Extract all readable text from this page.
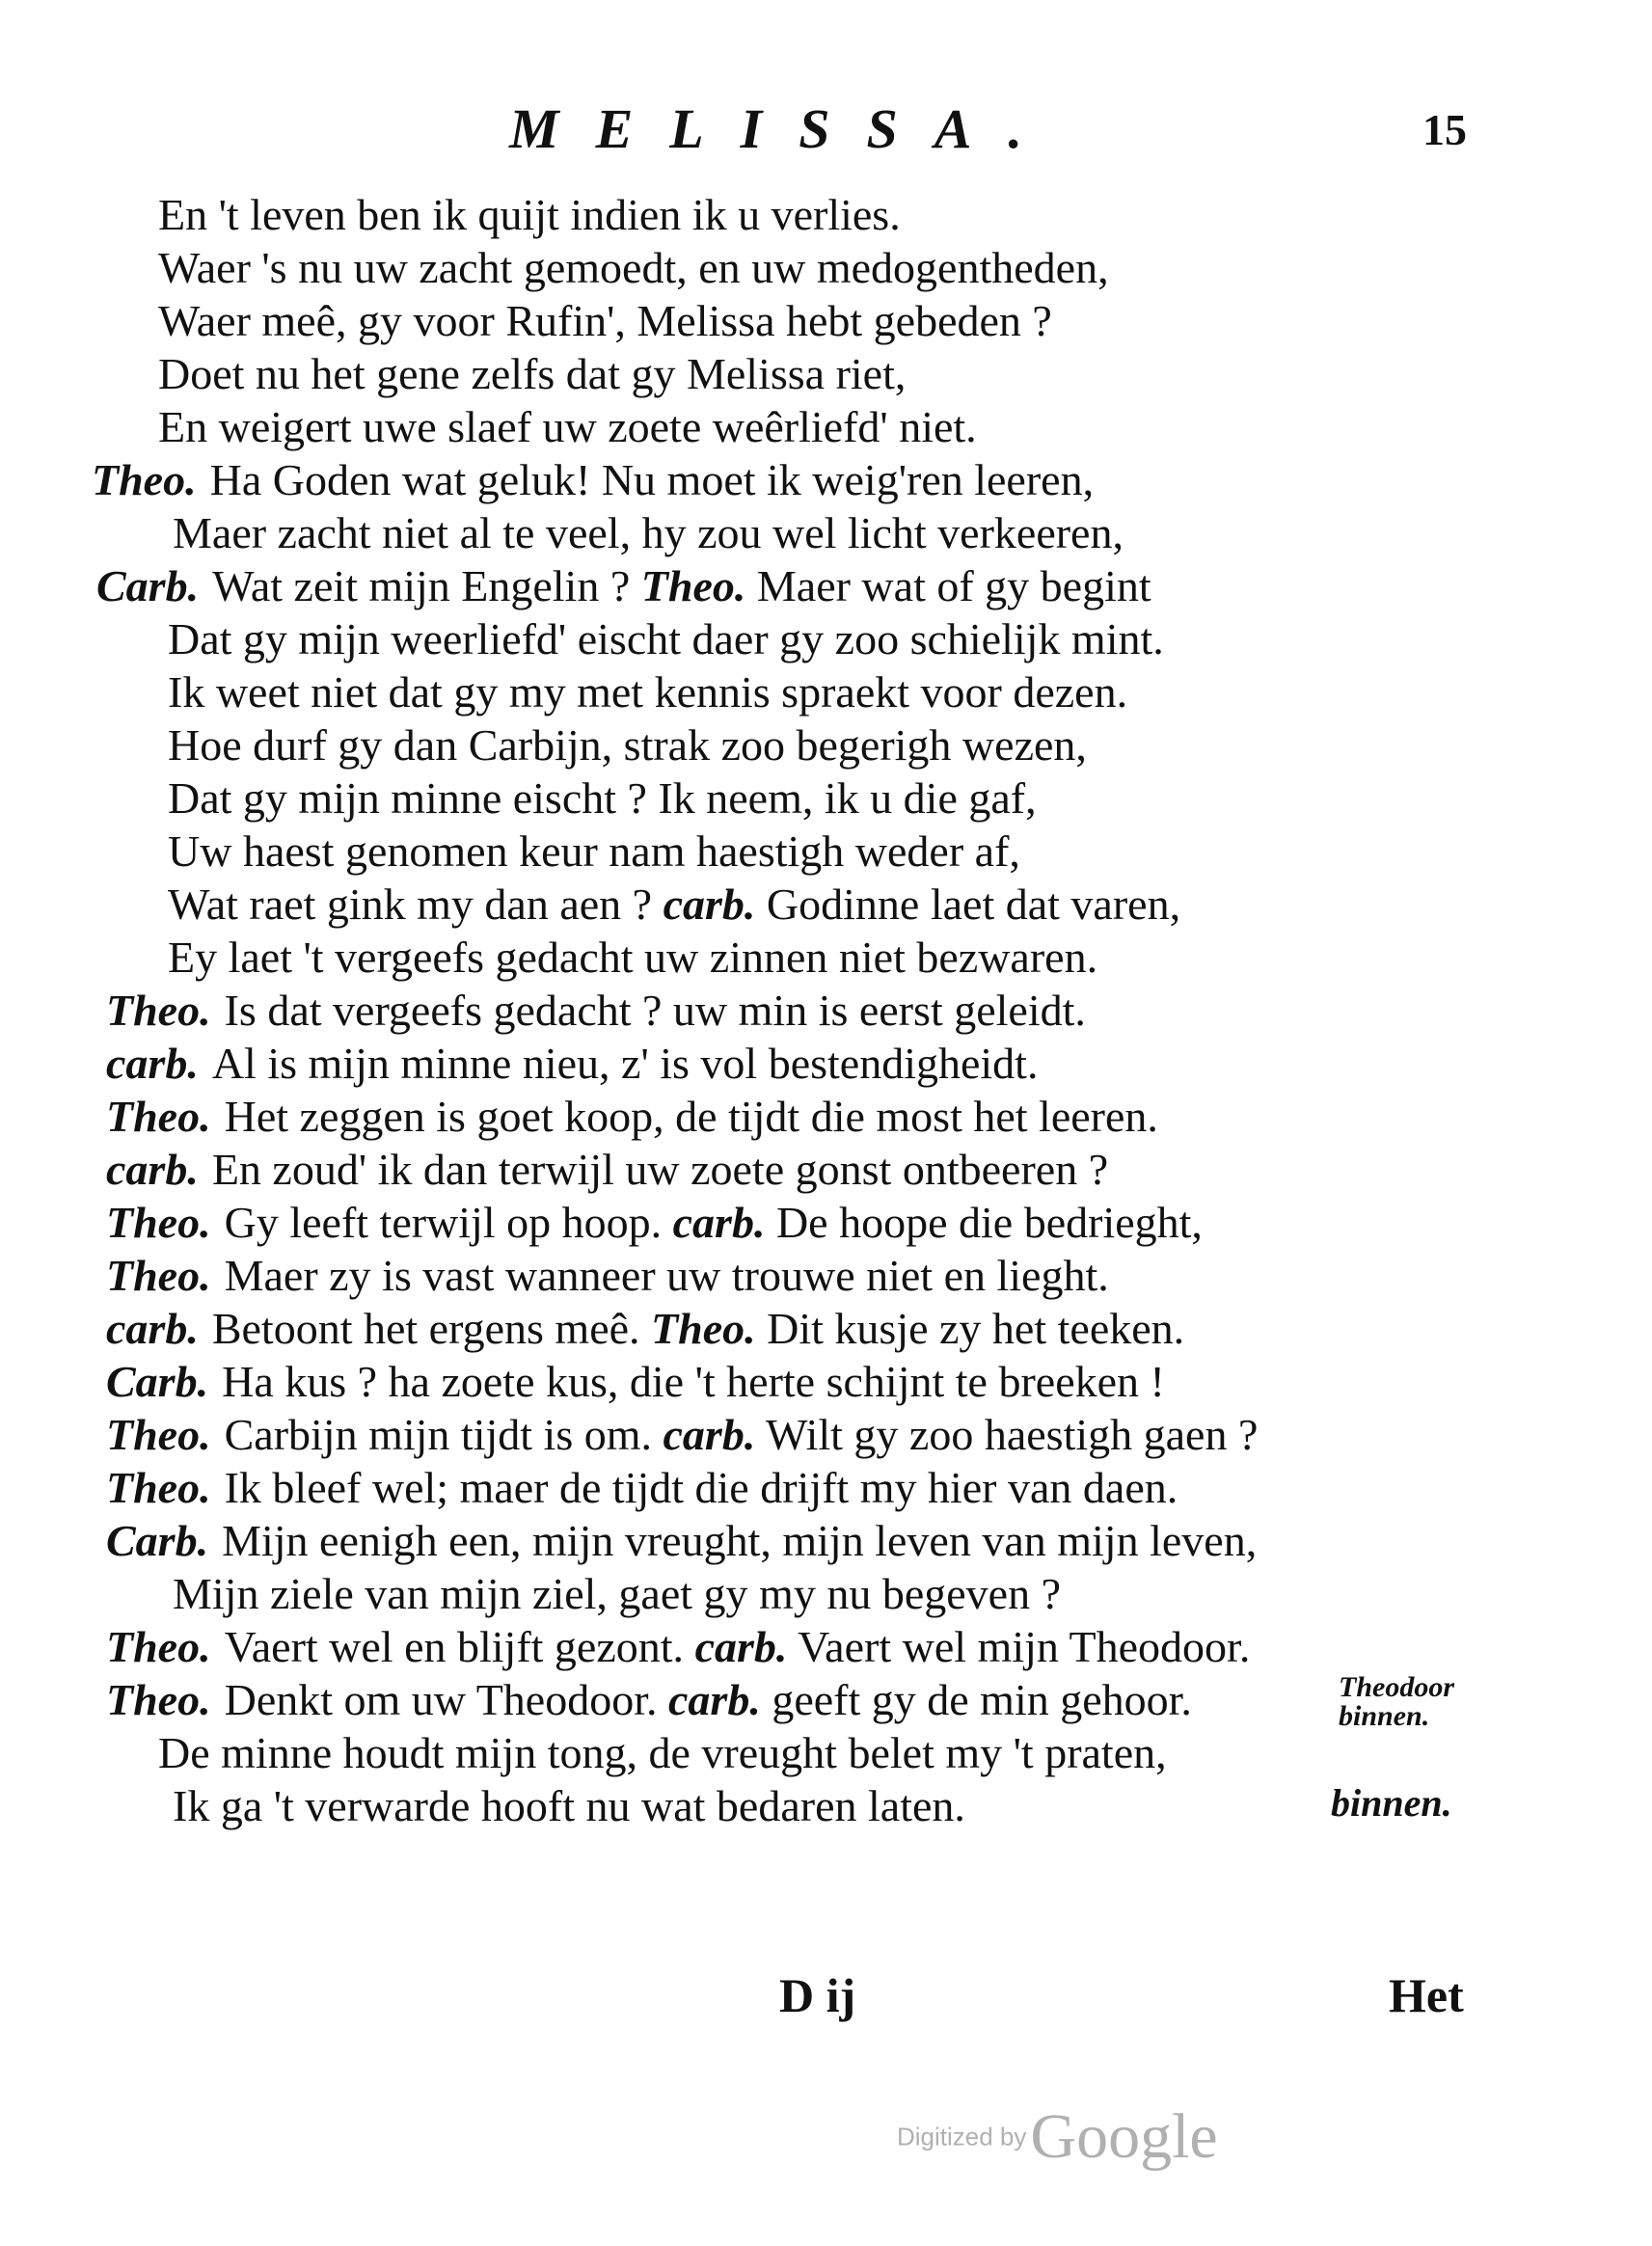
MELISSA.	15
En 't leven ben ik quijt indien ik u verlies.
Waer 's nu uw zacht gemoedt, en uw medogentheden,
Waer meê, gy voor Rufin', Melissa hebt gebeden ?
Doet nu het gene zelfs dat gy Melissa riet,
En weigert uwe slaef uw zoete weêrliefd' niet.
Theo. Ha Goden wat geluk! Nu moet ik weig'ren leeren,
Maer zacht niet al te veel, hy zou wel licht verkeeren,
Carb. Wat zeit mijn Engelin ? Theo. Maer wat of gy begint
Dat gy mijn weerliefd' eischt daer gy zoo schielijk mint.
Ik weet niet dat gy my met kennis spraekt voor dezen.
Hoe durf gy dan Carbijn, strak zoo begerigh wezen,
Dat gy mijn minne eischt ? Ik neem, ik u die gaf,
Uw haest genomen keur nam haestigh weder af,
Wat raet gink my dan aen ? carb. Godinne laet dat varen,
Ey laet 't vergeefs gedacht uw zinnen niet bezwaren.
Theo. Is dat vergeefs gedacht ? uw min is eerst geleidt.
carb. Al is mijn minne nieu, z' is vol bestendigheidt.
Theo. Het zeggen is goet koop, de tijdt die most het leeren.
carb. En zoud' ik dan terwijl uw zoete gonst ontbeeren ?
Theo. Gy leeft terwijl op hoop. carb. De hoope die bedrieght,
Theo. Maer zy is vast wanneer uw trouwe niet en lieght.
carb. Betoont het ergens meê. Theo. Dit kusje zy het teeken.
Carb. Ha kus ? ha zoete kus, die 't herte schijnt te breeken !
Theo. Carbijn mijn tijdt is om. carb. Wilt gy zoo haestigh gaen ?
Theo. Ik bleef wel; maer de tijdt die drijft my hier van daen.
Carb. Mijn eenigh een, mijn vreught, mijn leven van mijn leven,
Mijn ziele van mijn ziel, gaet gy my nu begeven ?
Theo. Vaert wel en blijft gezont. carb. Vaert wel mijn Theodoor.
Theo. Denkt om uw Theodoor. carb. geeft gy de min gehoor.
De minne houdt mijn tong, de vreught belet my 't praten,
Ik ga 't verwarde hooft nu wat bedaren laten.
Theodoor binnen.
binnen.
D ij	Het
Digitized by Google
